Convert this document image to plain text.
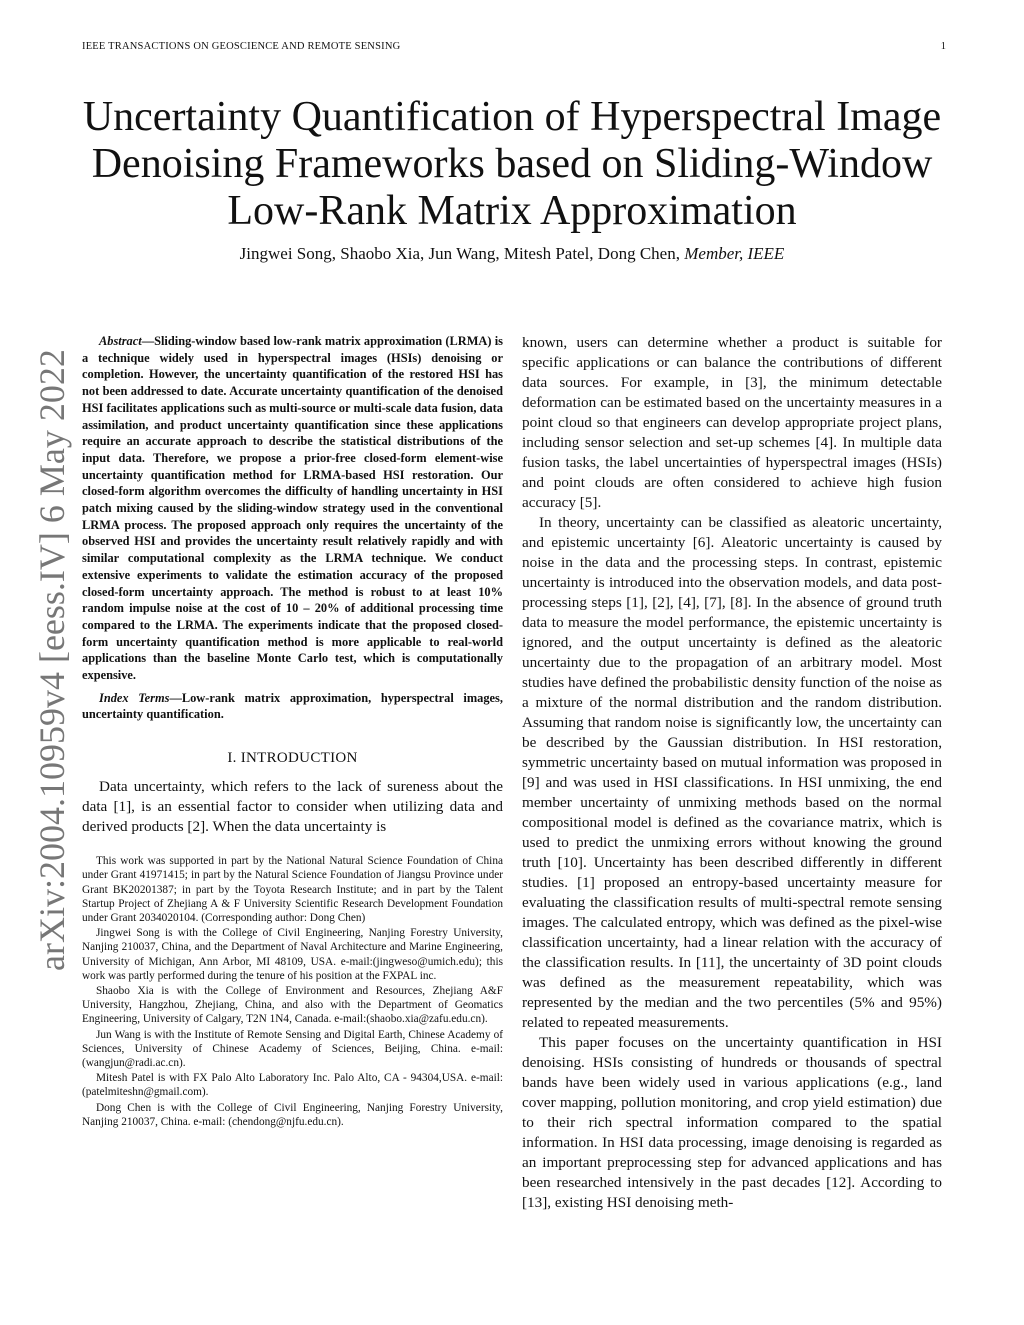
IEEE TRANSACTIONS ON GEOSCIENCE AND REMOTE SENSING	1
arXiv:2004.10959v4 [eess.IV] 6 May 2022
Uncertainty Quantification of Hyperspectral Image Denoising Frameworks based on Sliding-Window Low-Rank Matrix Approximation
Jingwei Song, Shaobo Xia, Jun Wang, Mitesh Patel, Dong Chen, Member, IEEE

Abstract—Sliding-window based low-rank matrix approximation (LRMA) is a technique widely used in hyperspectral images (HSIs) denoising or completion. However, the uncertainty quantification of the restored HSI has not been addressed to date. Accurate uncertainty quantification of the denoised HSI facilitates applications such as multi-source or multi-scale data fusion, data assimilation, and product uncertainty quantification since these applications require an accurate approach to describe the statistical distributions of the input data. Therefore, we propose a prior-free closed-form element-wise uncertainty quantification method for LRMA-based HSI restoration. Our closed-form algorithm overcomes the difficulty of handling uncertainty in HSI patch mixing caused by the sliding-window strategy used in the conventional LRMA process. The proposed approach only requires the uncertainty of the observed HSI and provides the uncertainty result relatively rapidly and with similar computational complexity as the LRMA technique. We conduct extensive experiments to validate the estimation accuracy of the proposed closed-form uncertainty approach. The method is robust to at least 10% random impulse noise at the cost of 10 – 20% of additional processing time compared to the LRMA. The experiments indicate that the proposed closed-form uncertainty quantification method is more applicable to real-world applications than the baseline Monte Carlo test, which is computationally expensive.

Index Terms—Low-rank matrix approximation, hyperspectral images, uncertainty quantification.

I. INTRODUCTION

Data uncertainty, which refers to the lack of sureness about the data [1], is an essential factor to consider when utilizing data and derived products [2]. When the data uncertainty is

This work was supported in part by the National Natural Science Foundation of China under Grant 41971415; in part by the Natural Science Foundation of Jiangsu Province under Grant BK20201387; in part by the Toyota Research Institute; and in part by the Talent Startup Project of Zhejiang A & F University Scientific Research Development Foundation under Grant 2034020104. (Corresponding author: Dong Chen)

Jingwei Song is with the College of Civil Engineering, Nanjing Forestry University, Nanjing 210037, China, and the Department of Naval Architecture and Marine Engineering, University of Michigan, Ann Arbor, MI 48109, USA. e-mail:(jingweso@umich.edu); this work was partly performed during the tenure of his position at the FXPAL inc.

Shaobo Xia is with the College of Environment and Resources, Zhejiang A&F University, Hangzhou, Zhejiang, China, and also with the Department of Geomatics Engineering, University of Calgary, T2N 1N4, Canada. e-mail:(shaobo.xia@zafu.edu.cn).

Jun Wang is with the Institute of Remote Sensing and Digital Earth, Chinese Academy of Sciences, University of Chinese Academy of Sciences, Beijing, China. e-mail:(wangjun@radi.ac.cn).

Mitesh Patel is with FX Palo Alto Laboratory Inc. Palo Alto, CA - 94304,USA. e-mail:(patelmiteshn@gmail.com).

Dong Chen is with the College of Civil Engineering, Nanjing Forestry University, Nanjing 210037, China. e-mail: (chendong@njfu.edu.cn).

known, users can determine whether a product is suitable for specific applications or can balance the contributions of different data sources. For example, in [3], the minimum detectable deformation can be estimated based on the uncertainty measures in a point cloud so that engineers can develop appropriate project plans, including sensor selection and set-up schemes [4]. In multiple data fusion tasks, the label uncertainties of hyperspectral images (HSIs) and point clouds are often considered to achieve high fusion accuracy [5].

In theory, uncertainty can be classified as aleatoric uncertainty, and epistemic uncertainty [6]. Aleatoric uncertainty is caused by noise in the data and the processing steps. In contrast, epistemic uncertainty is introduced into the observation models, and data post-processing steps [1], [2], [4], [7], [8]. In the absence of ground truth data to measure the model performance, the epistemic uncertainty is ignored, and the output uncertainty is defined as the aleatoric uncertainty due to the propagation of an arbitrary model. Most studies have defined the probabilistic density function of the noise as a mixture of the normal distribution and the random distribution. Assuming that random noise is significantly low, the uncertainty can be described by the Gaussian distribution. In HSI restoration, symmetric uncertainty based on mutual information was proposed in [9] and was used in HSI classifications. In HSI unmixing, the end member uncertainty of unmixing methods based on the normal compositional model is defined as the covariance matrix, which is used to predict the unmixing errors without knowing the ground truth [10]. Uncertainty has been described differently in different studies. [1] proposed an entropy-based uncertainty measure for evaluating the classification results of multi-spectral remote sensing images. The calculated entropy, which was defined as the pixel-wise classification uncertainty, had a linear relation with the accuracy of the classification results. In [11], the uncertainty of 3D point clouds was defined as the measurement repeatability, which was represented by the median and the two percentiles (5% and 95%) related to repeated measurements.

This paper focuses on the uncertainty quantification in HSI denoising. HSIs consisting of hundreds or thousands of spectral bands have been widely used in various applications (e.g., land cover mapping, pollution monitoring, and crop yield estimation) due to their rich spectral information compared to the spatial information. In HSI data processing, image denoising is regarded as an important preprocessing step for advanced applications and has been researched intensively in the past decades [12]. According to [13], existing HSI denoising meth-
